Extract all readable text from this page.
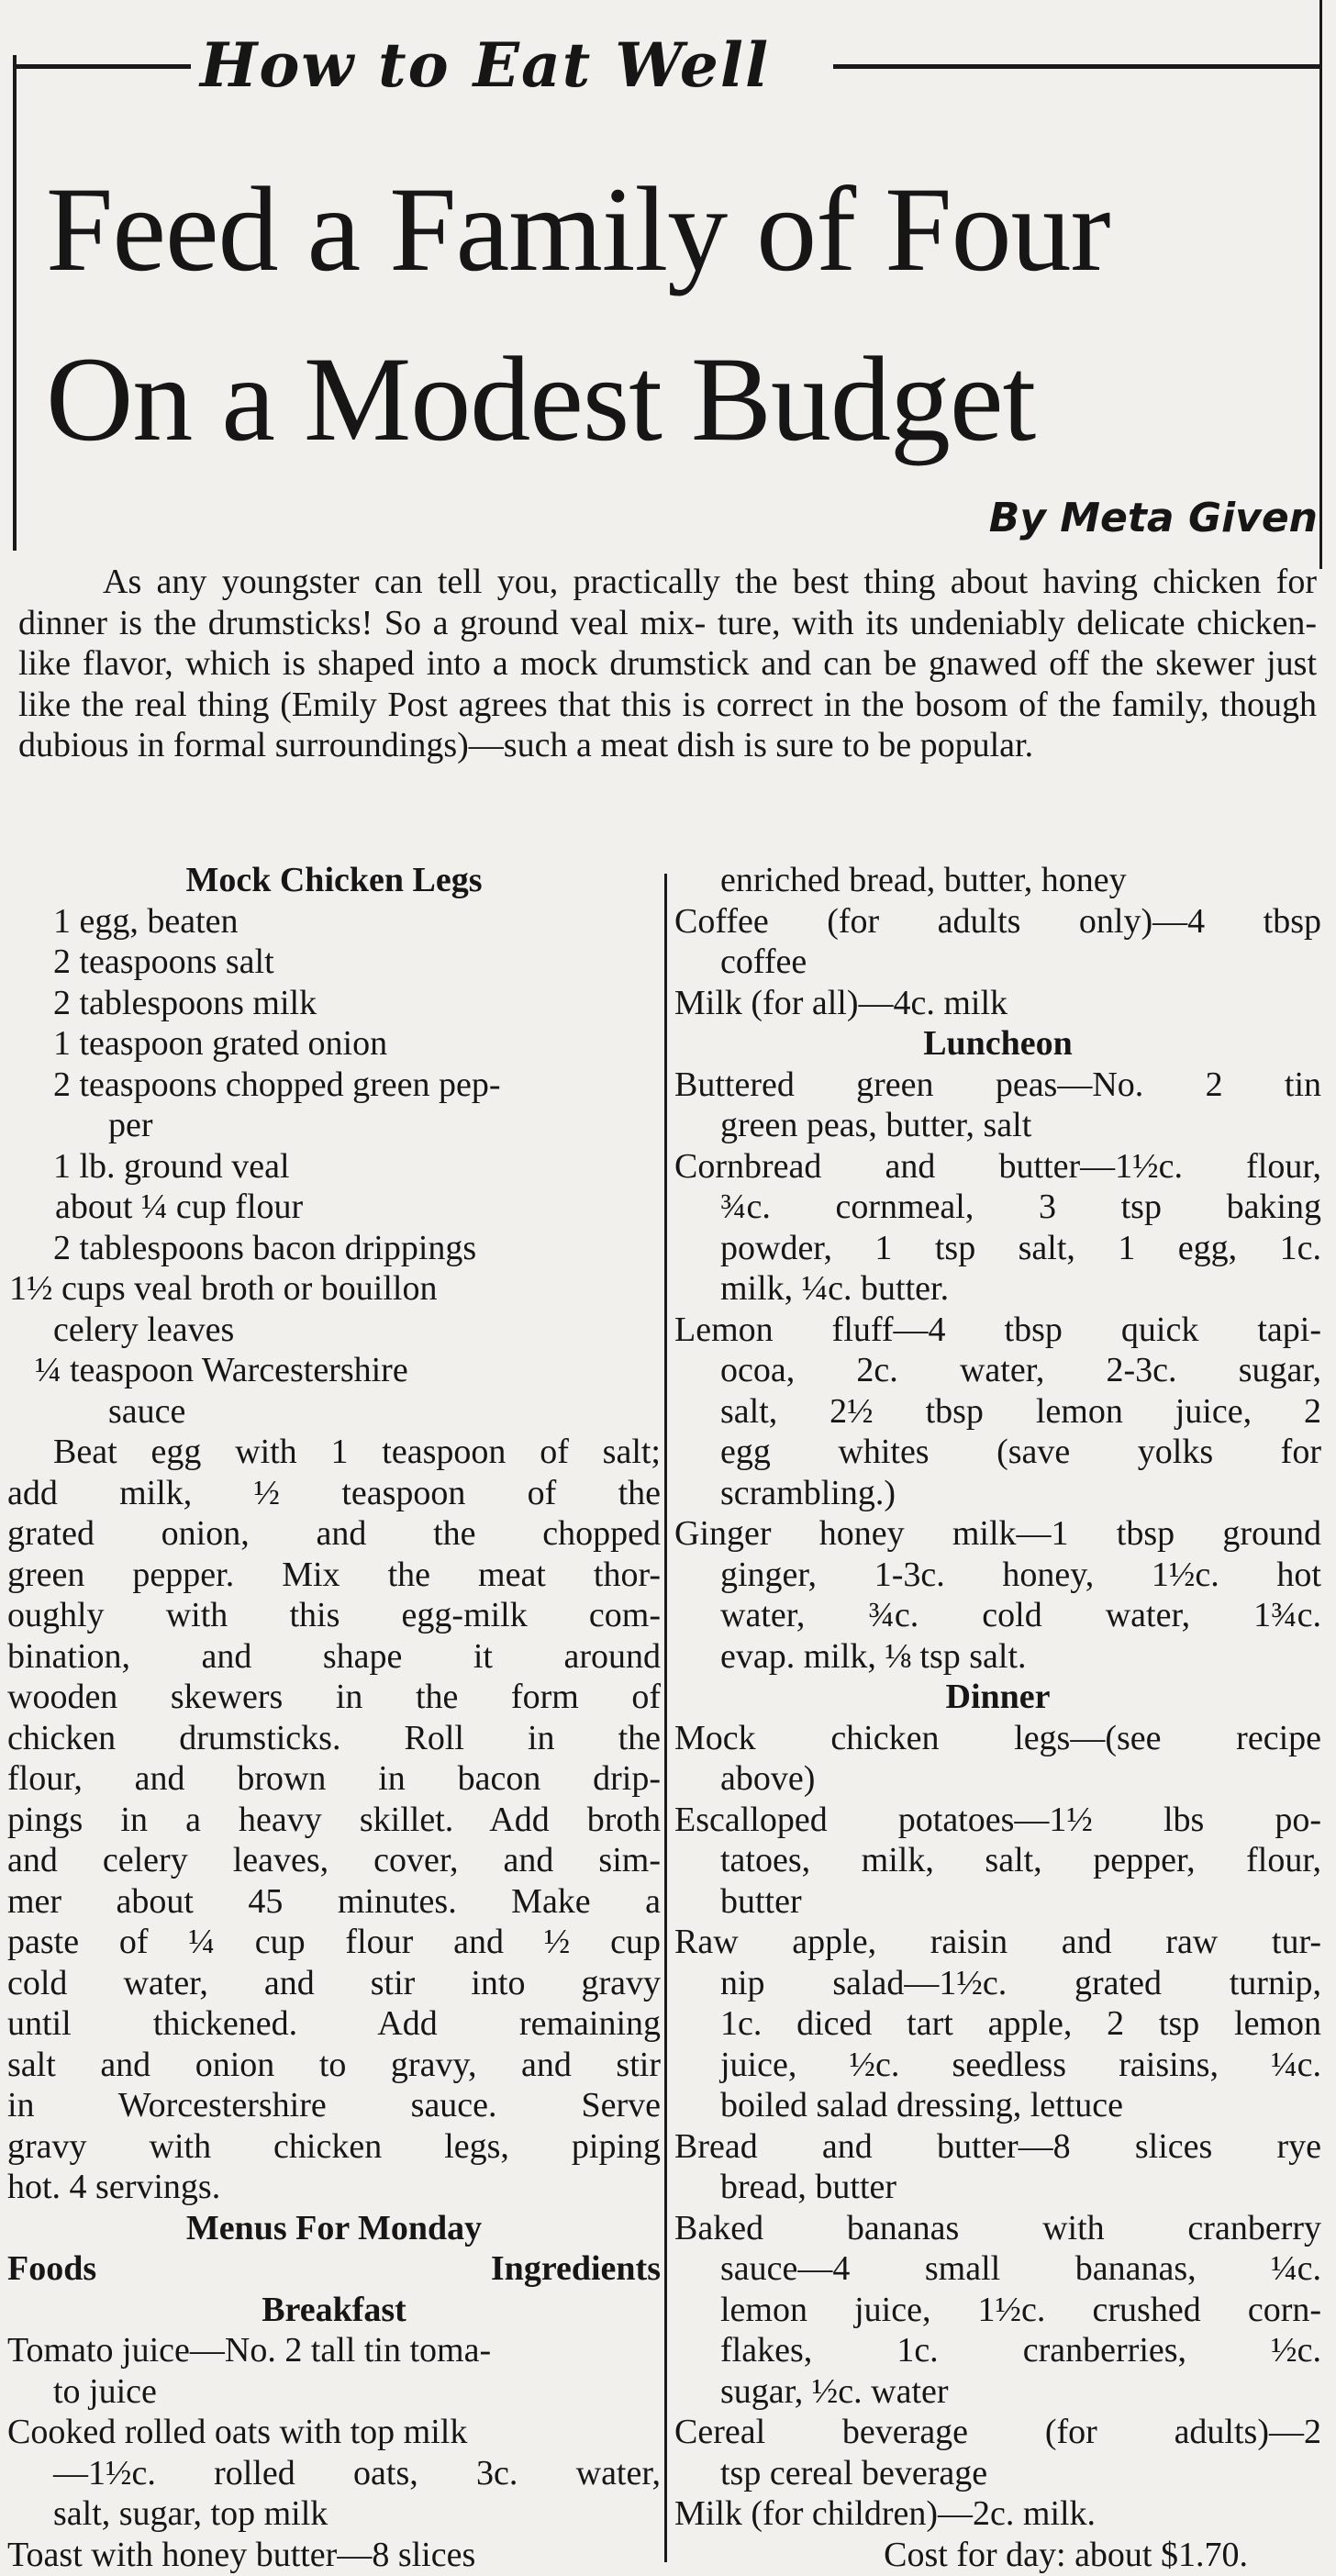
How to Eat Well
Feed a Family of Four
On a Modest Budget
By Meta Given

As any youngster can tell you, practically the best thing about having chicken for dinner is the drumsticks! So a ground veal mix- ture, with its undeniably delicate chicken-like flavor, which is shaped into a mock drumstick and can be gnawed off the skewer just like the real thing (Emily Post agrees that this is correct in the bosom of the family, though dubious in formal surroundings)—such a meat dish is sure to be popular.

Mock Chicken Legs
1 egg, beaten
2 teaspoons salt
2 tablespoons milk
1 teaspoon grated onion
2 teaspoons chopped green pep-
per
1 lb. ground veal
about ¼ cup flour
2 tablespoons bacon drippings
1½ cups veal broth or bouillon
celery leaves
¼ teaspoon Warcestershire
sauce
Beat egg with 1 teaspoon of salt;
add milk, ½ teaspoon of the
grated onion, and the chopped
green pepper. Mix the meat thor-
oughly with this egg-milk com-
bination, and shape it around
wooden skewers in the form of
chicken drumsticks. Roll in the
flour, and brown in bacon drip-
pings in a heavy skillet. Add broth
and celery leaves, cover, and sim-
mer about 45 minutes. Make a
paste of ¼ cup flour and ½ cup
cold water, and stir into gravy
until thickened. Add remaining
salt and onion to gravy, and stir
in Worcestershire sauce. Serve
gravy with chicken legs, piping
hot. 4 servings.
Menus For Monday
Foods	Ingredients
Breakfast
Tomato juice—No. 2 tall tin toma-
to juice
Cooked rolled oats with top milk
—1½c. rolled oats, 3c. water,
salt, sugar, top milk
Toast with honey butter—8 slices
enriched bread, butter, honey
Coffee (for adults only)—4 tbsp
coffee
Milk (for all)—4c. milk
Luncheon
Buttered green peas—No. 2 tin
green peas, butter, salt
Cornbread and butter—1½c. flour,
¾c. cornmeal, 3 tsp baking
powder, 1 tsp salt, 1 egg, 1c.
milk, ¼c. butter.
Lemon fluff—4 tbsp quick tapi-
ocoa, 2c. water, 2-3c. sugar,
salt, 2½ tbsp lemon juice, 2
egg whites (save yolks for
scrambling.)
Ginger honey milk—1 tbsp ground
ginger, 1-3c. honey, 1½c. hot
water, ¾c. cold water, 1¾c.
evap. milk, ⅛ tsp salt.
Dinner
Mock chicken legs—(see recipe
above)
Escalloped potatoes—1½ lbs po-
tatoes, milk, salt, pepper, flour,
butter
Raw apple, raisin and raw tur-
nip salad—1½c. grated turnip,
1c. diced tart apple, 2 tsp lemon
juice, ½c. seedless raisins, ¼c.
boiled salad dressing, lettuce
Bread and butter—8 slices rye
bread, butter
Baked bananas with cranberry
sauce—4 small bananas, ¼c.
lemon juice, 1½c. crushed corn-
flakes, 1c. cranberries, ½c.
sugar, ½c. water
Cereal beverage (for adults)—2
tsp cereal beverage
Milk (for children)—2c. milk.
Cost for day: about $1.70.
